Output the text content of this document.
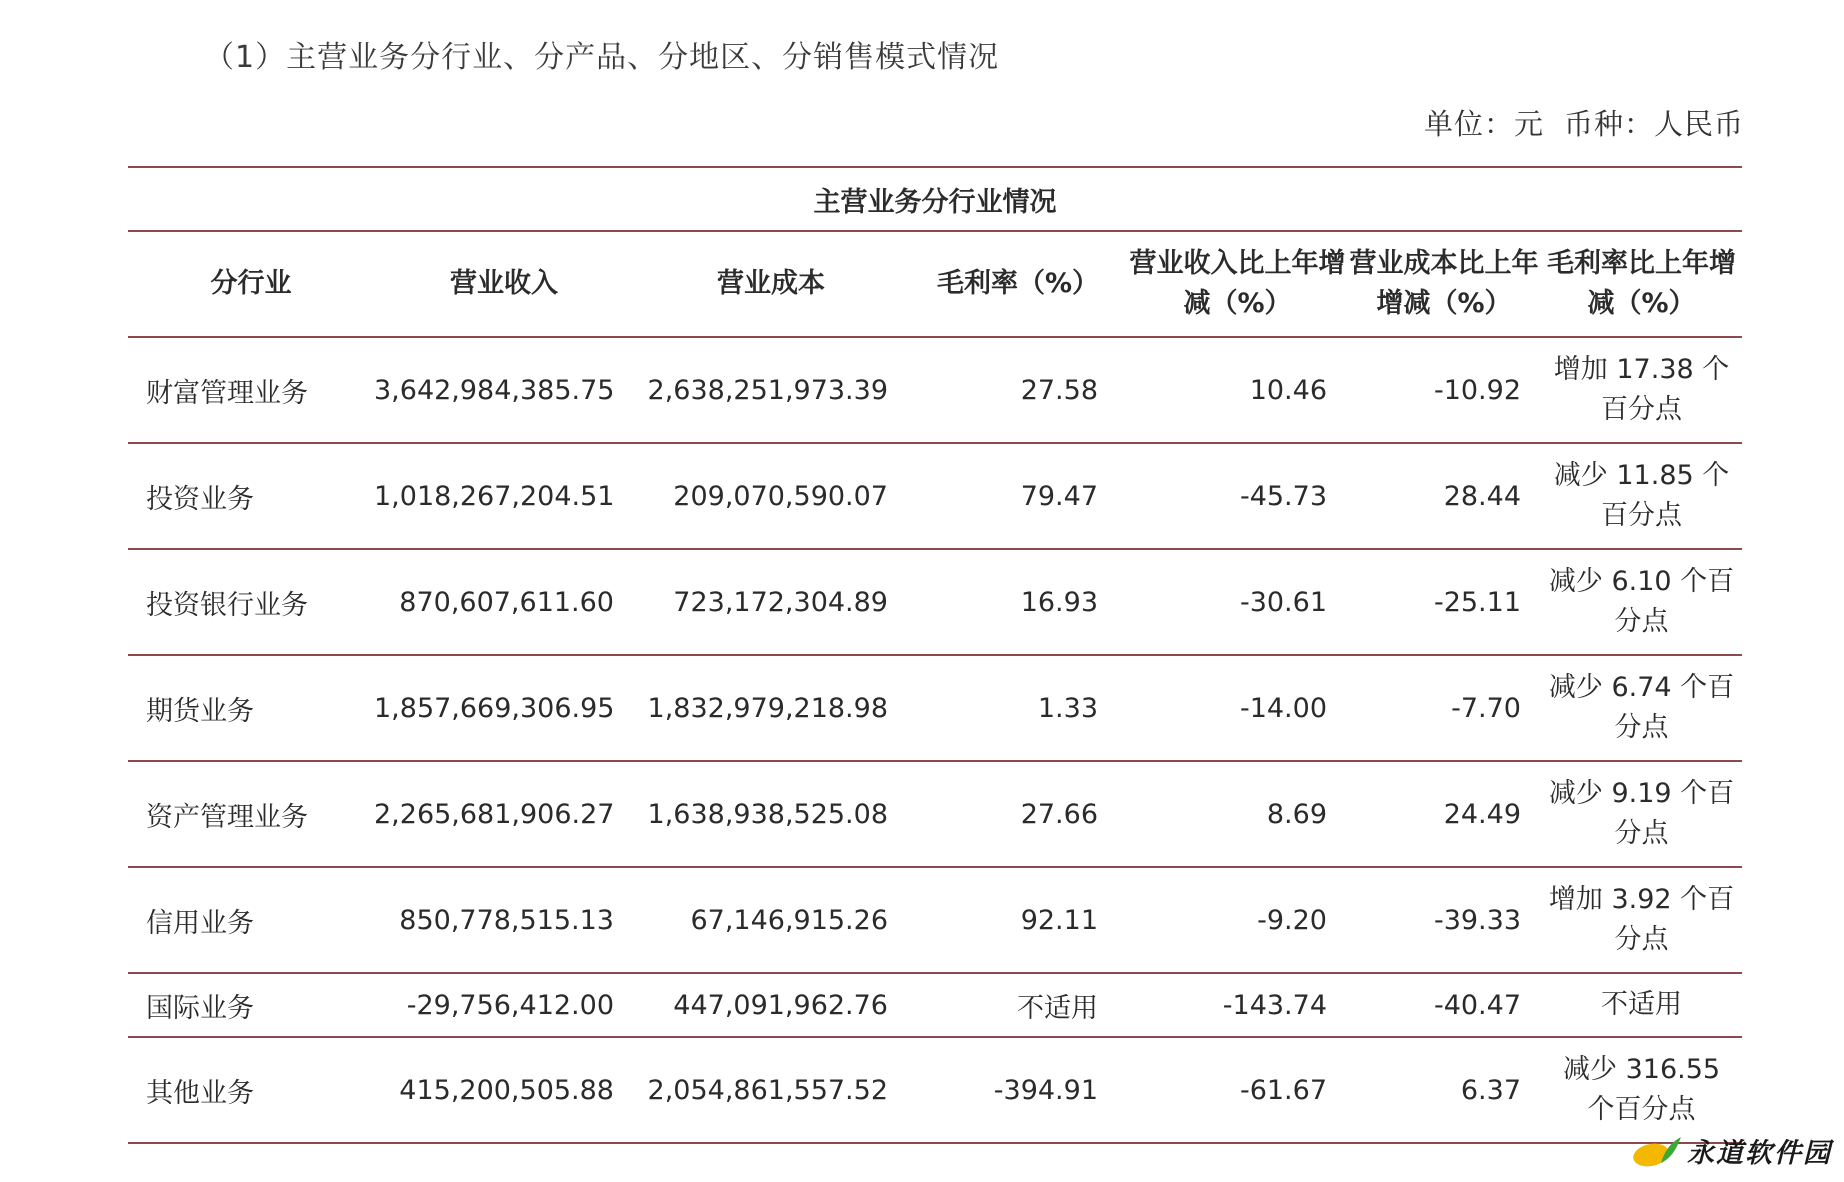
（1）主营业务分行业、分产品、分地区、分销售模式情况
单位：元 币种：人民币
主营业务分行业情况						
分行业	营业收入	营业成本	毛利率（%）	营业收入比上年增减（%）	营业成本比上年增减（%）	毛利率比上年增减（%）
财富管理业务	3,642,984,385.75	2,638,251,973.39	27.58	10.46	-10.92	增加 17.38 个百分点
投资业务	1,018,267,204.51	209,070,590.07	79.47	-45.73	28.44	减少 11.85 个百分点
投资银行业务	870,607,611.60	723,172,304.89	16.93	-30.61	-25.11	减少 6.10 个百分点
期货业务	1,857,669,306.95	1,832,979,218.98	1.33	-14.00	-7.70	减少 6.74 个百分点
资产管理业务	2,265,681,906.27	1,638,938,525.08	27.66	8.69	24.49	减少 9.19 个百分点
信用业务	850,778,515.13	67,146,915.26	92.11	-9.20	-39.33	增加 3.92 个百分点
国际业务	-29,756,412.00	447,091,962.76	不适用	-143.74	-40.47	不适用
其他业务	415,200,505.88	2,054,861,557.52	-394.91	-61.67	6.37	减少 316.55 个百分点
永道软件园
